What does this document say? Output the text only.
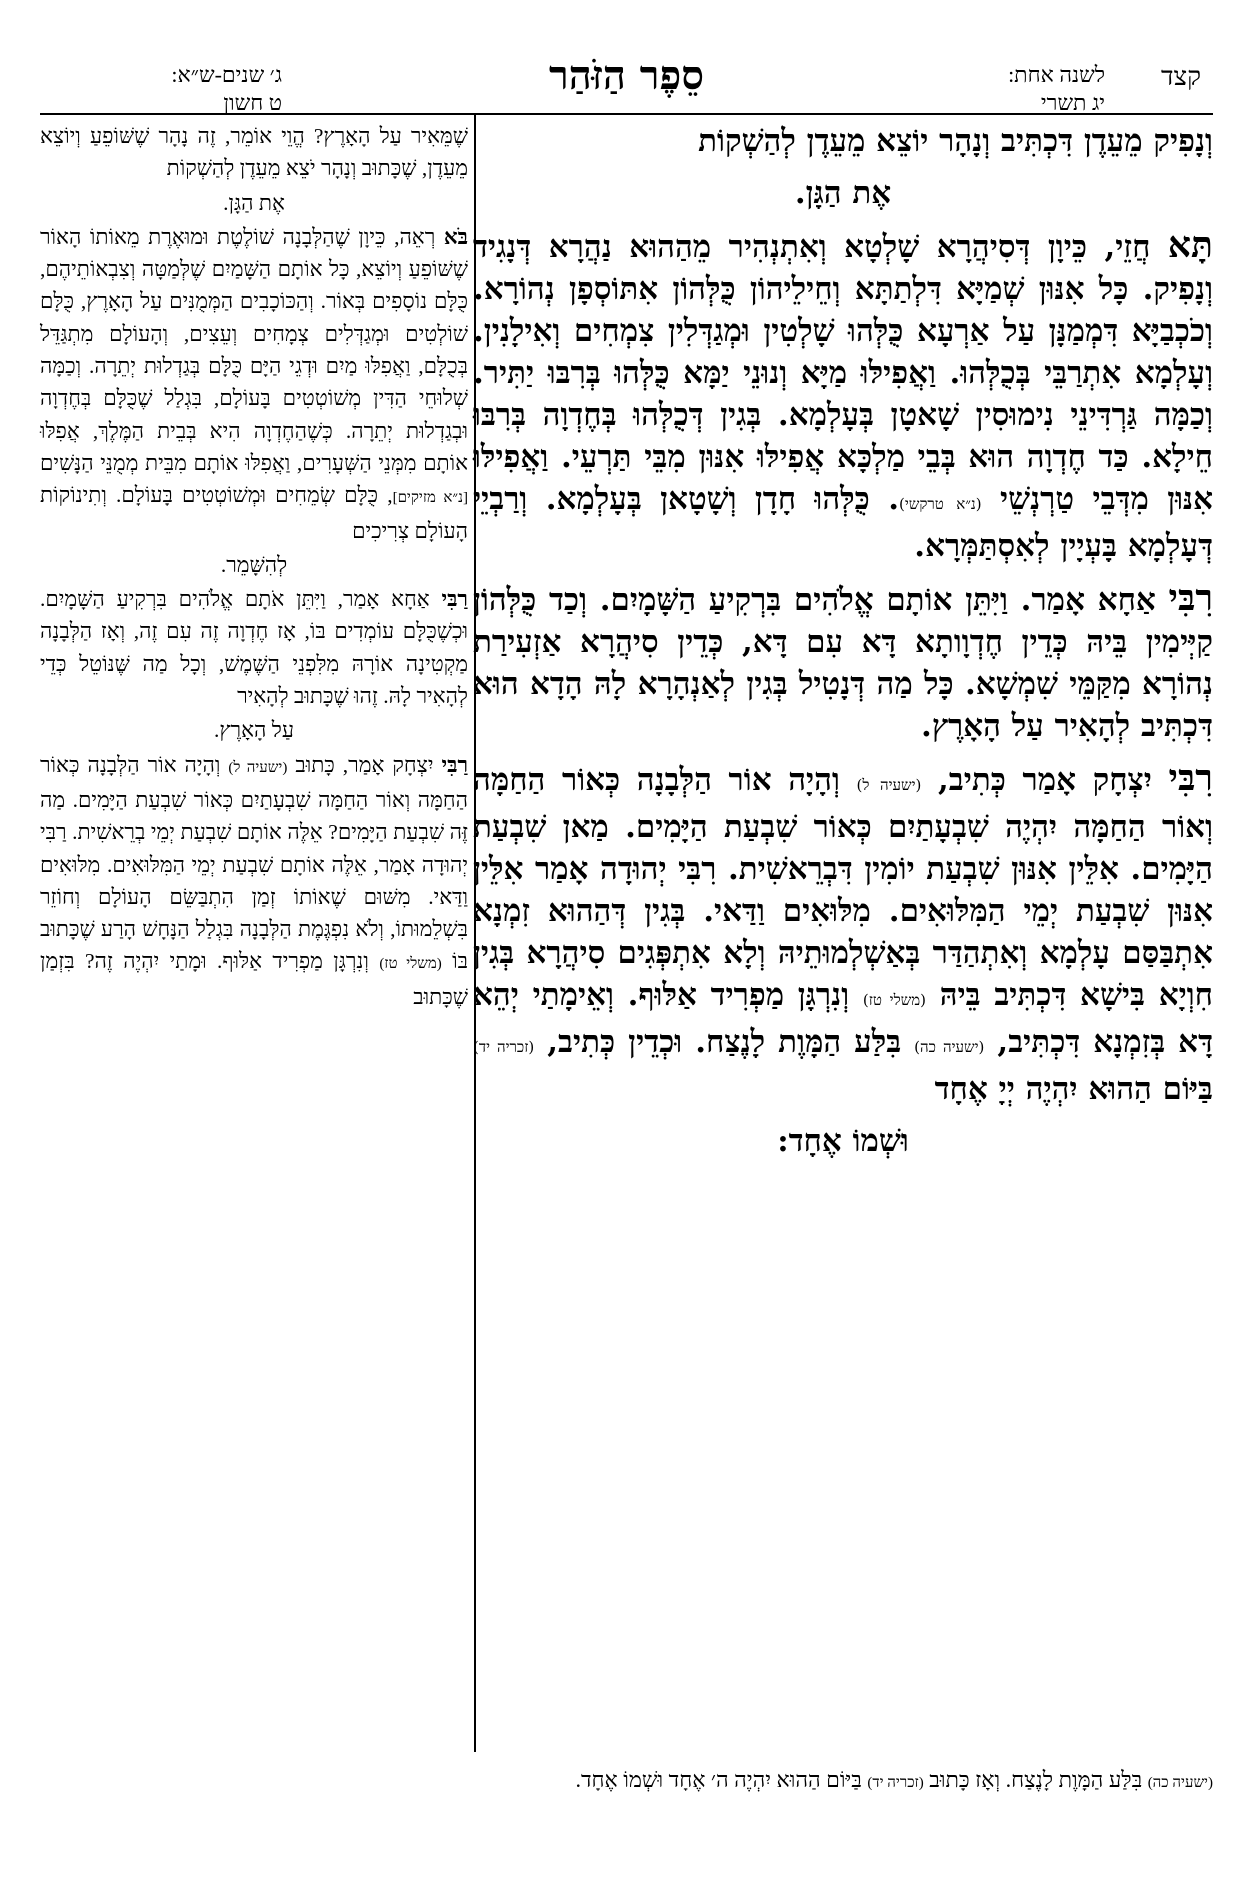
קצד
לשנה אחת:
יג תשרי
סֵפֶר הַזֹּהַר
ג׳ שנים-ש״א:
ט חשון

וְנָפִיק מֵעֵדֶן דִּכְתִּיב וְנָהָר יוֹצֵא מֵעֵדֶן לְהַשְׁקוֹת

אֶת הַגָּן.

תָּא חֲזֵי, כֵּיוָן דְּסִיהֲרָא שָׁלְטָא וְאִתְנְהִיר מֵהַהוּא נַהֲרָא דְּנָגִיד וְנָפִיק. כָּל אִנּוּן שְׁמַיָּא דִּלְתַתָּא וְחֵילֵיהוֹן כֻּלְּהוֹן אִתּוֹסְפָן נְהוֹרָא. וְכֹכְבַיָּא דִּמְמַנָּן עַל אַרְעָא כֻּלְּהוּ שָׁלְטִין וּמְגַדְּלִין צִמְחִים וְאִילָנִין. וְעָלְמָא אִתְרַבֵּי בְּכֻלְּהוּ. וַאֲפִילּוּ מַיָּא וְנוּנֵי יַמָּא כֻּלְּהוּ בְּרִבּוּ יַתִּיר. וְכַמָּה גַּרְדִּינֵי נִימוּסִין שָׁאטָן בְּעָלְמָא. בְּגִין דְּכֻלְּהוּ בְּחֶדְוָה בְּרִבּוּ חֵילָא. כַּד חֶדְוָה הוּא בְּבֵי מַלְכָּא אֲפִילּוּ אִנּוּן מִבֵּי תַּרְעֵי. וַאֲפִילּוּ אִנּוּן מִדְּבֵי טַרְנְשֵׁי (נ״א טרקשי). כֻּלְּהוּ חָדָן וְשָׁטָאן בְּעָלְמָא. וְרַבְיֵי דְּעָלְמָא בָּעְיָין לְאִסְתַּמְּרָא.

רִבִּי אַחָא אָמַר. וַיִּתֵּן אוֹתָם אֱלֹהִים בִּרְקִיעַ הַשָּׁמָיִם. וְכַד כֻּלְּהוֹן קַיְּימִין בֵּיהּ כְּדֵין חֶדְוָותָא דָּא עִם דָּא, כְּדֵין סִיהֲרָא אַזְעִירַת נְהוֹרָא מִקַּמֵּי שִׁמְשָׁא. כָּל מַה דְּנָטִיל בְּגִין לְאַנְהָרָא לָהּ הָדָא הוּא דִּכְתִּיב לְהָאִיר עַל הָאָרֶץ.

רִבִּי יִצְחָק אָמַר כְּתִיב, (ישעיה ל) וְהָיָה אוֹר הַלְּבָנָה כְּאוֹר הַחַמָּה וְאוֹר הַחַמָּה יִהְיֶה שִׁבְעָתַיִם כְּאוֹר שִׁבְעַת הַיָּמִים. מַאן שִׁבְעַת הַיָּמִים. אִלֵּין אִנּוּן שִׁבְעַת יוֹמִין דִּבְרֵאשִׁית. רִבִּי יְהוּדָה אָמַר אִלֵּין אִנּוּן שִׁבְעַת יְמֵי הַמִּלּוּאִים. מִלּוּאִים וַדַּאי. בְּגִין דְּהַהוּא זִמְנָא אִתְבַּסַּם עָלְמָא וְאִתְהַדַּר בְּאַשְׁלְמוּתֵיהּ וְלָא אִתְפְּגִים סִיהֲרָא בְּגִין חִוְיָא בִּישָׁא דִּכְתִּיב בֵּיהּ (משלי טז) וְנִרְגָּן מַפְרִיד אַלּוּף. וְאֵימָתַי יְהֵא דָּא בְּזִמְנָא דִּכְתִּיב, (ישעיה כה) בִּלַּע הַמָּוֶת לָנֶצַח. וּכְדֵין כְּתִיב, (זכריה יד) בַּיּוֹם הַהוּא יִהְיֶה יְיָ אֶחָד

וּשְׁמוֹ אֶחָד:

שֶׁמֵּאִיר עַל הָאָרֶץ? הֱוֵי אוֹמֵר, זֶה נָהָר שֶׁשּׁוֹפֵעַ וְיוֹצֵא מֵעֵדֶן, שֶׁכָּתוּב וְנָהָר יֹצֵא מֵעֵדֶן לְהַשְׁקוֹת

אֶת הַגָּן.

בֹּא רְאֵה, כֵּיוָן שֶׁהַלְּבָנָה שׁוֹלֶטֶת וּמוּאֶרֶת מֵאוֹתוֹ הָאוֹר שֶׁשּׁוֹפֵעַ וְיוֹצֵא, כָּל אוֹתָם הַשָּׁמַיִם שֶׁלְּמַטָּה וְצִבְאוֹתֵיהֶם, כֻּלָּם נוֹסָפִים בְּאוֹר. וְהַכּוֹכָבִים הַמְּמֻנִּים עַל הָאָרֶץ, כֻּלָּם שׁוֹלְטִים וּמְגַדְּלִים צְמָחִים וְעֵצִים, וְהָעוֹלָם מִתְגַּדֵּל בְּכֻלָּם, וַאֲפִלּוּ מַיִם וּדְגֵי הַיָּם כֻּלָּם בְּגַדְלוּת יְתֵרָה. וְכַמָּה שְׁלוּחֵי הַדִּין מְשׁוֹטְטִים בָּעוֹלָם, בִּגְלַל שֶׁכֻּלָּם בְּחֶדְוָה וּבְגַדְלוּת יְתֵרָה. כְּשֶׁהַחֶדְוָה הִיא בְּבֵית הַמֶּלֶךְ, אֲפִלּוּ אוֹתָם מִמְּנֵי הַשְּׁעָרִים, וַאֲפִלּוּ אוֹתָם מִבֵּית מְמֻנֵּי הַנָּשִׁים [נ״א מזיקים], כֻּלָּם שְׂמֵחִים וּמְשׁוֹטְטִים בָּעוֹלָם. וְתִינוֹקוֹת הָעוֹלָם צְרִיכִים

לְהִשָּׁמֵר.

רַבִּי אַחָא אָמַר, וַיִּתֵּן אֹתָם אֱלֹהִים בִּרְקִיעַ הַשָּׁמָיִם. וּכְשֶׁכֻּלָּם עוֹמְדִים בּוֹ, אָז חֶדְוָה זֶה עִם זֶה, וְאָז הַלְּבָנָה מַקְטִינָה אוֹרָהּ מִלִּפְנֵי הַשֶּׁמֶשׁ, וְכָל מַה שֶּׁנּוֹטֵל כְּדֵי לְהָאִיר לָהּ. זֶהוּ שֶׁכָּתוּב לְהָאִיר

עַל הָאָרֶץ.

רַבִּי יִצְחָק אָמַר, כָּתוּב (ישעיה ל) וְהָיָה אוֹר הַלְּבָנָה כְּאוֹר הַחַמָּה וְאוֹר הַחַמָּה שִׁבְעָתַיִם כְּאוֹר שִׁבְעַת הַיָּמִים. מַה זֶּה שִׁבְעַת הַיָּמִים? אֵלֶּה אוֹתָם שִׁבְעַת יְמֵי בְרֵאשִׁית. רַבִּי יְהוּדָה אָמַר, אֵלֶּה אוֹתָם שִׁבְעַת יְמֵי הַמִּלּוּאִים. מִלּוּאִים וַדַּאי. מִשּׁוּם שֶׁאוֹתוֹ זְמַן הִתְבַּשֵּׂם הָעוֹלָם וְחוֹזֵר בִּשְׁלֵמוּתוֹ, וְלֹא נִפְגֶּמֶת הַלְּבָנָה בִּגְלַל הַנָּחָשׁ הָרַע שֶׁכָּתוּב בּוֹ (משלי טז) וְנִרְגָּן מַפְרִיד אַלּוּף. וּמָתַי יִהְיֶה זֶה? בִּזְמַן שֶׁכָּתוּב

(ישעיה כה) בִּלַּע הַמָּוֶת לָנֶצַח. וְאָז כָּתוּב (זכריה יד) בַּיּוֹם הַהוּא יִהְיֶה ה׳ אֶחָד וּשְׁמוֹ אֶחָד.
